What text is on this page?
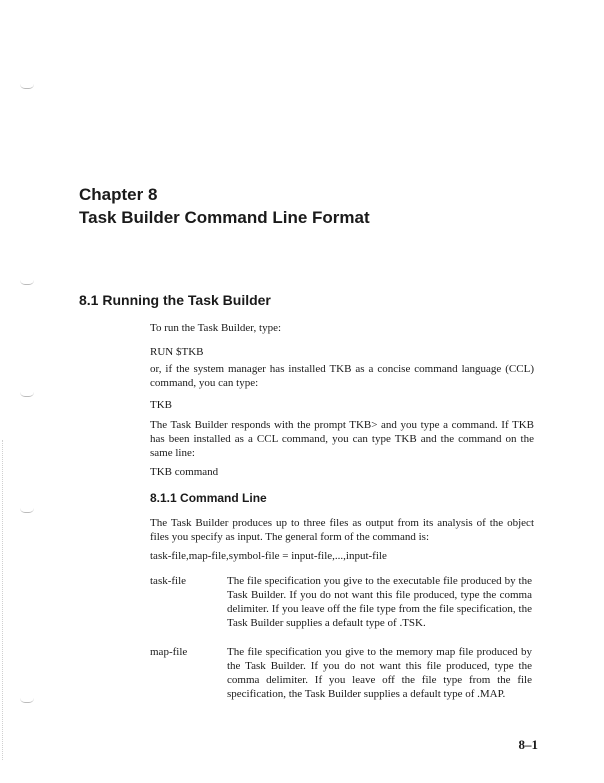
Chapter 8
Task Builder Command Line Format
8.1 Running the Task Builder

To run the Task Builder, type:

RUN $TKB

or, if the system manager has installed TKB as a concise command language (CCL) command, you can type:

TKB

The Task Builder responds with the prompt TKB> and you type a command. If TKB has been installed as a CCL command, you can type TKB and the command on the same line:

TKB command

8.1.1 Command Line

The Task Builder produces up to three files as output from its analysis of the object files you specify as input. The general form of the command is:

task-file,map-file,symbol-file = input-file,...,input-file

task-file	The file specification you give to the executable file produced by the Task Builder. If you do not want this file produced, type the comma delimiter. If you leave off the file type from the file specification, the Task Builder supplies a default type of .TSK.

map-file	The file specification you give to the memory map file produced by the Task Builder. If you do not want this file produced, type the comma delimiter. If you leave off the file type from the file specification, the Task Builder supplies a default type of .MAP.

8–1
